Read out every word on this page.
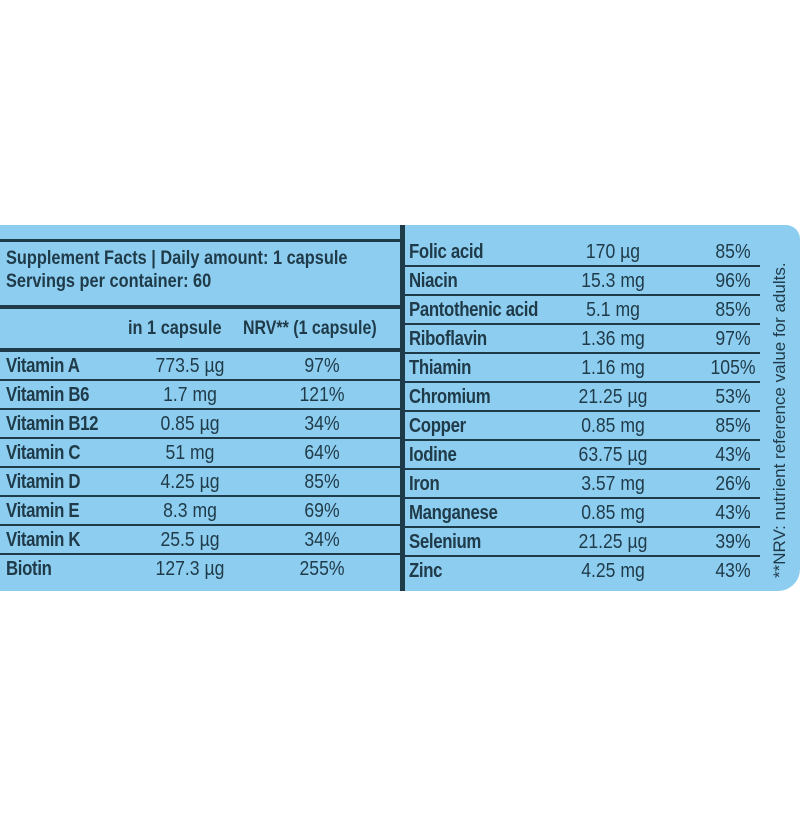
Supplement Facts | Daily amount: 1 capsule
Servings per container: 60
in 1 capsule NRV** (1 capsule)
Vitamin A	773.5 µg	97%
Vitamin B6	1.7 mg	121%
Vitamin B12	0.85 µg	34%
Vitamin C	51 mg	64%
Vitamin D	4.25 µg	85%
Vitamin E	8.3 mg	69%
Vitamin K	25.5 µg	34%
Biotin	127.3 µg	255%
Folic acid	170 µg	85%
Niacin	15.3 mg	96%
Pantothenic acid	5.1 mg	85%
Riboflavin	1.36 mg	97%
Thiamin	1.16 mg	105%
Chromium	21.25 µg	53%
Copper	0.85 mg	85%
Iodine	63.75 µg	43%
Iron	3.57 mg	26%
Manganese	0.85 mg	43%
Selenium	21.25 µg	39%
Zinc	4.25 mg	43%	**NRV: nutrient reference value for adults.
